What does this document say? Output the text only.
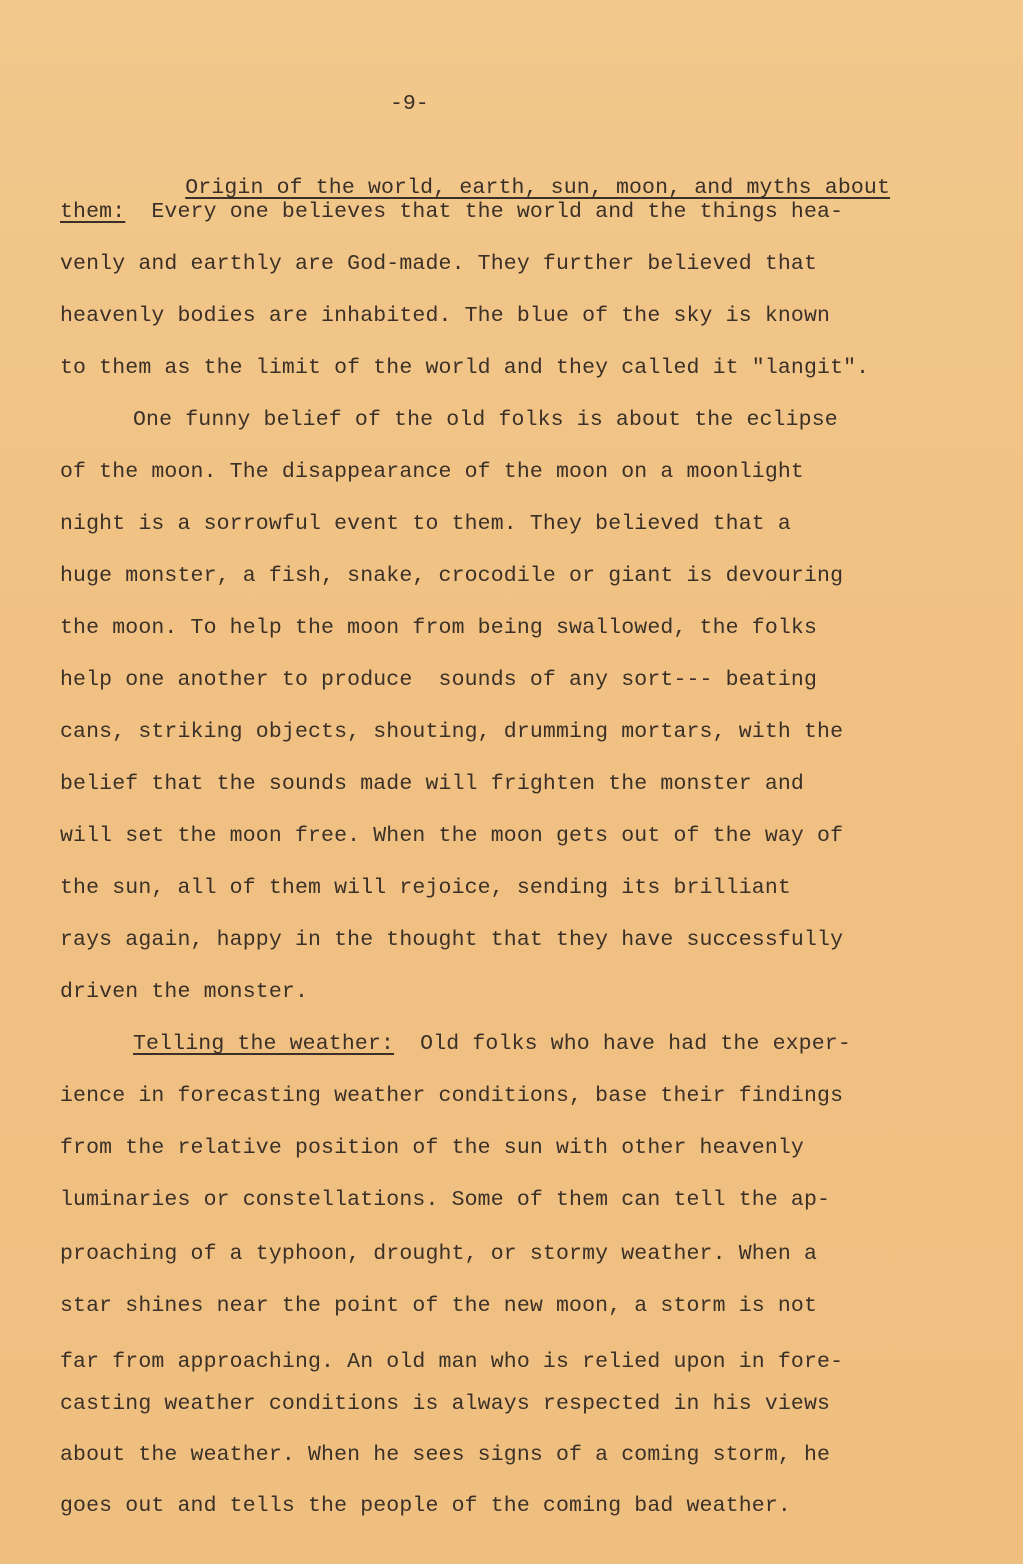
-9-

Origin of the world, earth, sun, moon, and myths about

them: Every one believes that the world and the things hea-
venly and earthly are God-made. They further believed that
heavenly bodies are inhabited. The blue of the sky is known
to them as the limit of the world and they called it "langit".
One funny belief of the old folks is about the eclipse
of the moon. The disappearance of the moon on a moonlight
night is a sorrowful event to them. They believed that a
huge monster, a fish, snake, crocodile or giant is devouring
the moon. To help the moon from being swallowed, the folks
help one another to produce  sounds of any sort--- beating
cans, striking objects, shouting, drumming mortars, with the
belief that the sounds made will frighten the monster and
will set the moon free. When the moon gets out of the way of
the sun, all of them will rejoice, sending its brilliant
rays again, happy in the thought that they have successfully
driven the monster.
Telling the weather: Old folks who have had the exper-
ience in forecasting weather conditions, base their findings
from the relative position of the sun with other heavenly
luminaries or constellations. Some of them can tell the ap-
proaching of a typhoon, drought, or stormy weather. When a
star shines near the point of the new moon, a storm is not
far from approaching. An old man who is relied upon in fore-
casting weather conditions is always respected in his views
about the weather. When he sees signs of a coming storm, he
goes out and tells the people of the coming bad weather.
